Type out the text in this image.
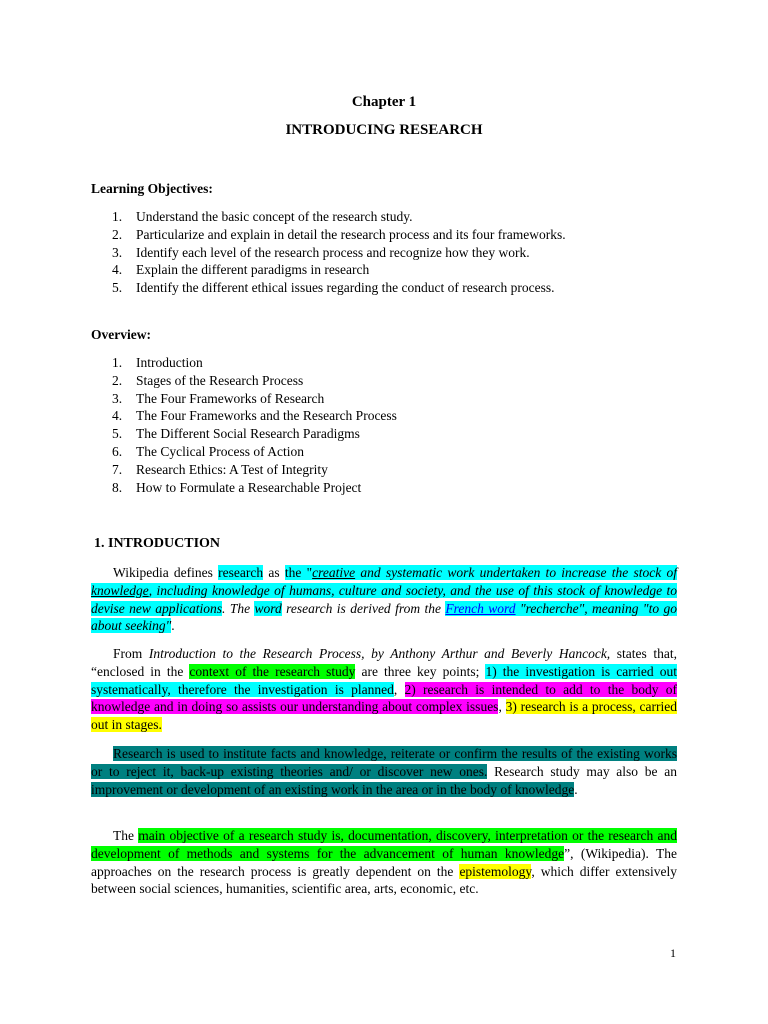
Chapter 1
INTRODUCING RESEARCH
Learning Objectives:
1.	Understand the basic concept of the research study.
2.	Particularize and explain in detail the research process and its four frameworks.
3.	Identify each level of the research process and recognize how they work.
4.	Explain the different paradigms in research
5.	Identify the different ethical issues regarding the conduct of research process.
Overview:
1.	Introduction
2.	Stages of the Research Process
3.	The Four Frameworks of Research
4.	The Four Frameworks and the Research Process
5.	The Different Social Research Paradigms
6.	The Cyclical Process of Action
7.	Research Ethics: A Test of Integrity
8.	How to Formulate a Researchable Project
1. INTRODUCTION
Wikipedia defines research as the "creative and systematic work undertaken to increase the stock of knowledge, including knowledge of humans, culture and society, and the use of this stock of knowledge to devise new applications. The word research is derived from the French word "recherche", meaning "to go about seeking".
From Introduction to the Research Process, by Anthony Arthur and Beverly Hancock, states that, “enclosed in the context of the research study are three key points; 1) the investigation is carried out systematically, therefore the investigation is planned, 2) research is intended to add to the body of knowledge and in doing so assists our understanding about complex issues, 3) research is a process, carried out in stages.
Research is used to institute facts and knowledge, reiterate or confirm the results of the existing works or to reject it, back-up existing theories and/ or discover new ones. Research study may also be an improvement or development of an existing work in the area or in the body of knowledge.
The main objective of a research study is, documentation, discovery, interpretation or the research and development of methods and systems for the advancement of human knowledge”, (Wikipedia). The approaches on the research process is greatly dependent on the epistemology, which differ extensively between social sciences, humanities, scientific area, arts, economic, etc.
1
